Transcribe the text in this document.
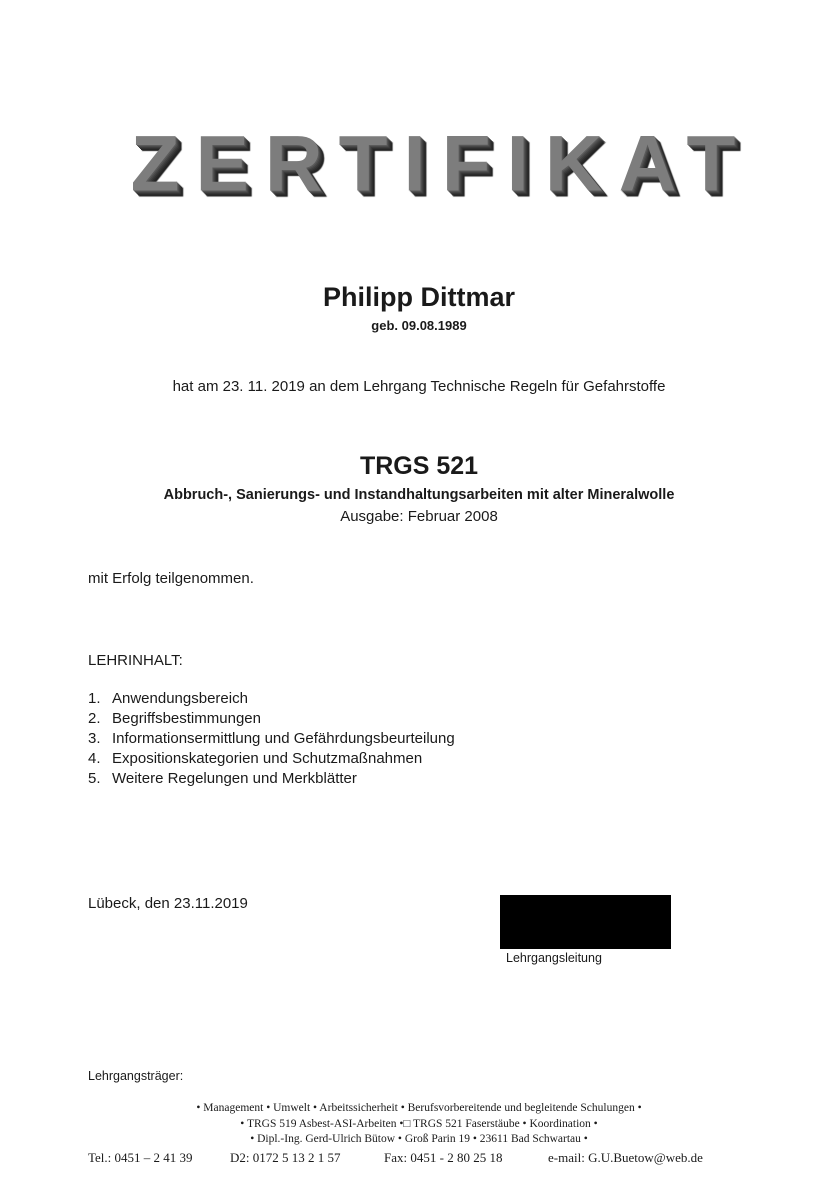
ZERTIFIKAT
Philipp Dittmar
geb. 09.08.1989
hat am 23. 11. 2019 an dem Lehrgang Technische Regeln für Gefahrstoffe
TRGS 521
Abbruch-, Sanierungs- und Instandhaltungsarbeiten mit alter Mineralwolle
Ausgabe: Februar 2008
mit Erfolg teilgenommen.
LEHRINHALT:
1. Anwendungsbereich
2. Begriffsbestimmungen
3. Informationsermittlung und Gefährdungsbeurteilung
4. Expositionskategorien und Schutzmaßnahmen
5. Weitere Regelungen und Merkblätter
Lübeck, den 23.11.2019
Lehrgangsleitung
Lehrgangsträger:
• Management • Umwelt • Arbeitssicherheit • Berufsvorbereitende und begleitende Schulungen •
• TRGS 519 Asbest-ASI-Arbeiten •□ TRGS 521 Faserstäube • Koordination •
• Dipl.-Ing. Gerd-Ulrich Bütow • Groß Parin 19 • 23611 Bad Schwartau •
Tel.: 0451 – 2 41 39	D2: 0172 5 13 2 1 57	Fax: 0451 - 2 80 25 18	e-mail: G.U.Buetow@web.de
